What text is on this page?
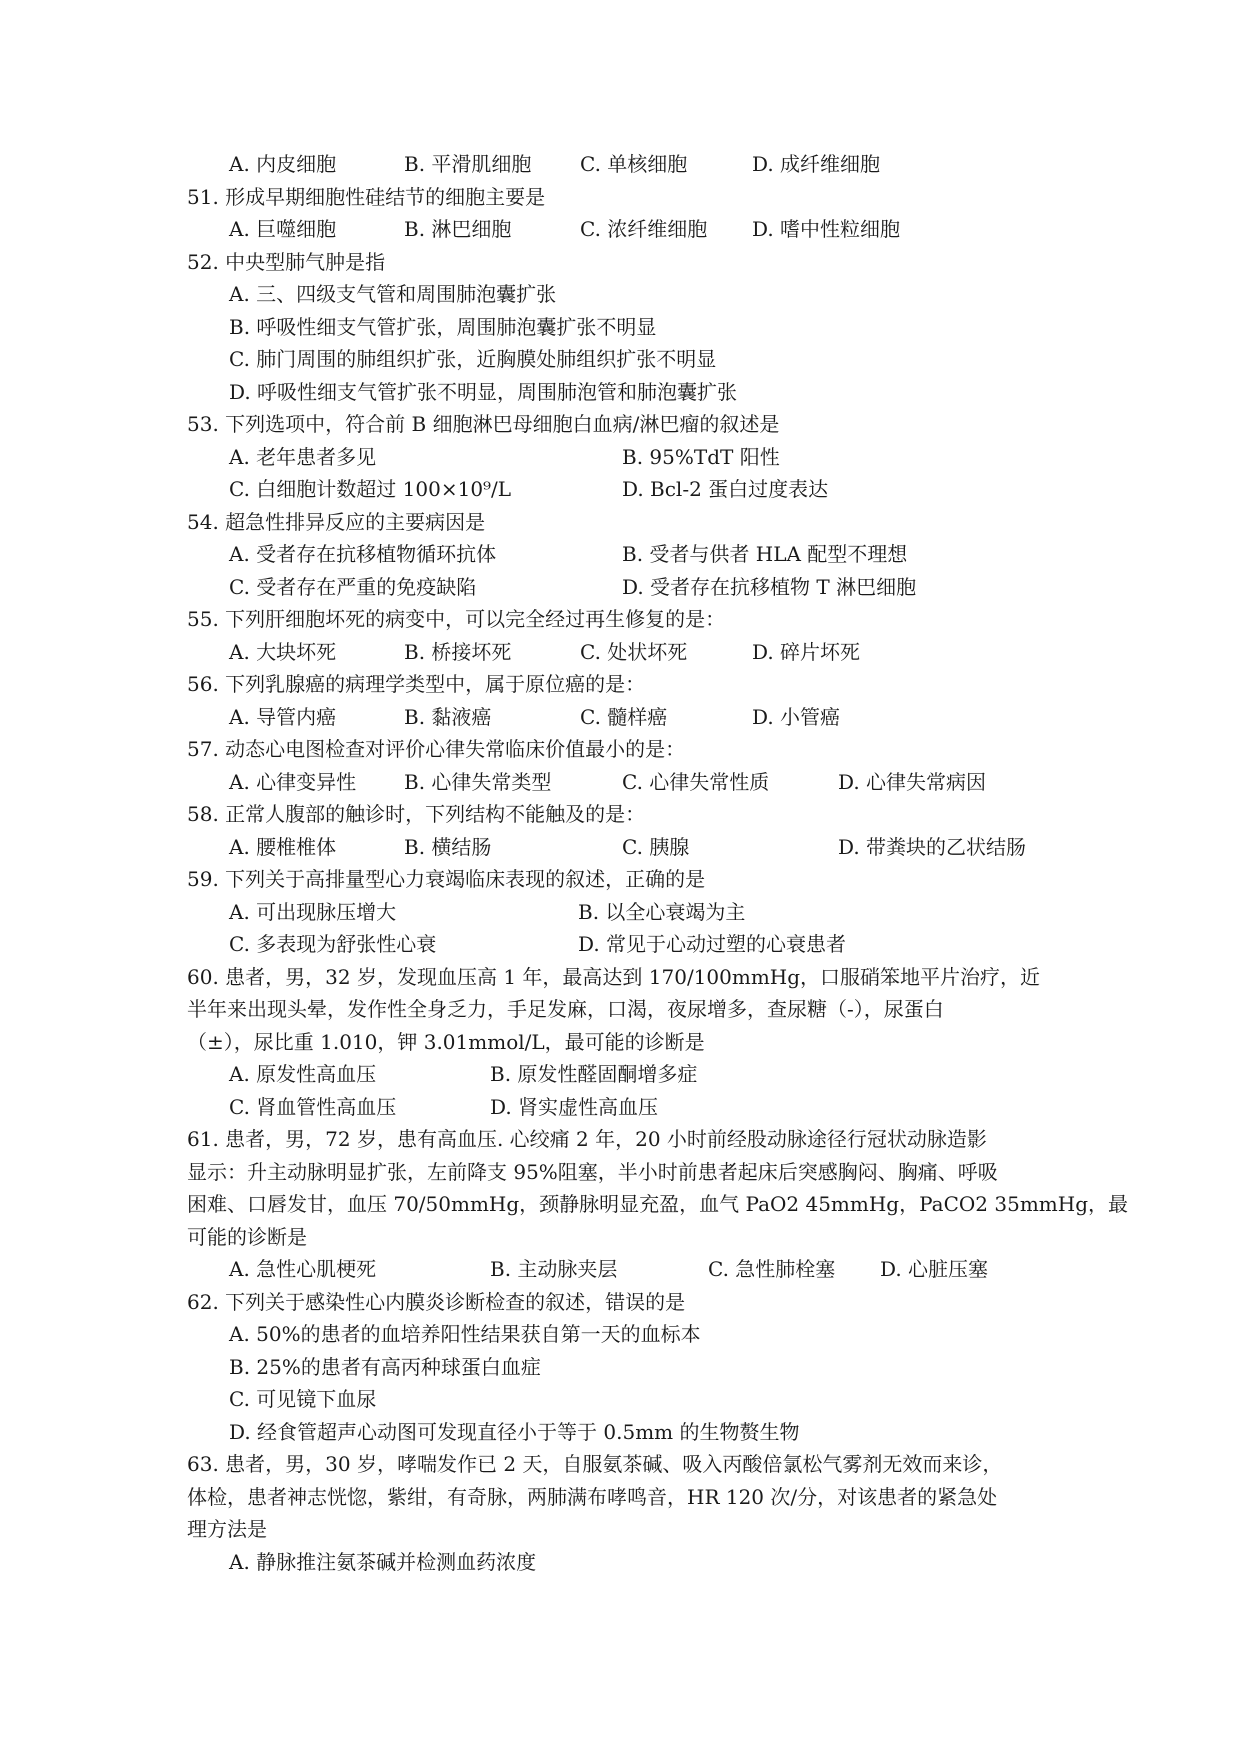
A. 内皮细胞	B. 平滑肌细胞 C. 单核细胞	D. 成纤维细胞
51. 形成早期细胞性硅结节的细胞主要是
A. 巨噬细胞	B. 淋巴细胞	C. 浓纤维细胞 D. 嗜中性粒细胞
52. 中央型肺气肿是指
A. 三、四级支气管和周围肺泡囊扩张
B. 呼吸性细支气管扩张，周围肺泡囊扩张不明显
C. 肺门周围的肺组织扩张，近胸膜处肺组织扩张不明显
D. 呼吸性细支气管扩张不明显，周围肺泡管和肺泡囊扩张
53. 下列选项中，符合前 B 细胞淋巴母细胞白血病/淋巴瘤的叙述是
A. 老年患者多见	B. 95%TdT 阳性
C. 白细胞计数超过 100×10⁹/L	D. Bcl-2 蛋白过度表达
54. 超急性排异反应的主要病因是
A. 受者存在抗移植物循环抗体	B. 受者与供者 HLA 配型不理想
C. 受者存在严重的免疫缺陷	D. 受者存在抗移植物 T 淋巴细胞
55. 下列肝细胞坏死的病变中，可以完全经过再生修复的是：
A. 大块坏死	B. 桥接坏死	C. 处状坏死	D. 碎片坏死
56. 下列乳腺癌的病理学类型中，属于原位癌的是：
A. 导管内癌	B. 黏液癌	C. 髓样癌	D. 小管癌
57. 动态心电图检查对评价心律失常临床价值最小的是：
A. 心律变异性 B. 心律失常类型	C. 心律失常性质	D. 心律失常病因
58. 正常人腹部的触诊时，下列结构不能触及的是：
A. 腰椎椎体	B. 横结肠	C. 胰腺	D. 带粪块的乙状结肠
59. 下列关于高排量型心力衰竭临床表现的叙述，正确的是
A. 可出现脉压增大	B. 以全心衰竭为主
C. 多表现为舒张性心衰	D. 常见于心动过塑的心衰患者
60. 患者，男，32 岁，发现血压高 1 年，最高达到 170/100mmHg，口服硝笨地平片治疗，近
半年来出现头晕，发作性全身乏力，手足发麻，口渴，夜尿增多，查尿糖（-），尿蛋白
（±），尿比重 1.010，钾 3.01mmol/L，最可能的诊断是
A. 原发性高血压	B. 原发性醛固酮增多症
C. 肾血管性高血压	D. 肾实虚性高血压
61. 患者，男，72 岁，患有高血压. 心绞痛 2 年，20 小时前经股动脉途径行冠状动脉造影
显示：升主动脉明显扩张，左前降支 95%阻塞，半小时前患者起床后突感胸闷、胸痛、呼吸
困难、口唇发甘，血压 70/50mmHg，颈静脉明显充盈，血气 PaO2 45mmHg，PaCO2 35mmHg，最
可能的诊断是
A. 急性心肌梗死	B. 主动脉夹层	C. 急性肺栓塞 D. 心脏压塞
62. 下列关于感染性心内膜炎诊断检查的叙述，错误的是
A. 50%的患者的血培养阳性结果获自第一天的血标本
B. 25%的患者有高丙种球蛋白血症
C. 可见镜下血尿
D. 经食管超声心动图可发现直径小于等于 0.5mm 的生物赘生物
63. 患者，男，30 岁，哮喘发作已 2 天，自服氨茶碱、吸入丙酸倍氯松气雾剂无效而来诊，
体检，患者神志恍惚，紫绀，有奇脉，两肺满布哮鸣音，HR 120 次/分，对该患者的紧急处
理方法是
A. 静脉推注氨茶碱并检测血药浓度
